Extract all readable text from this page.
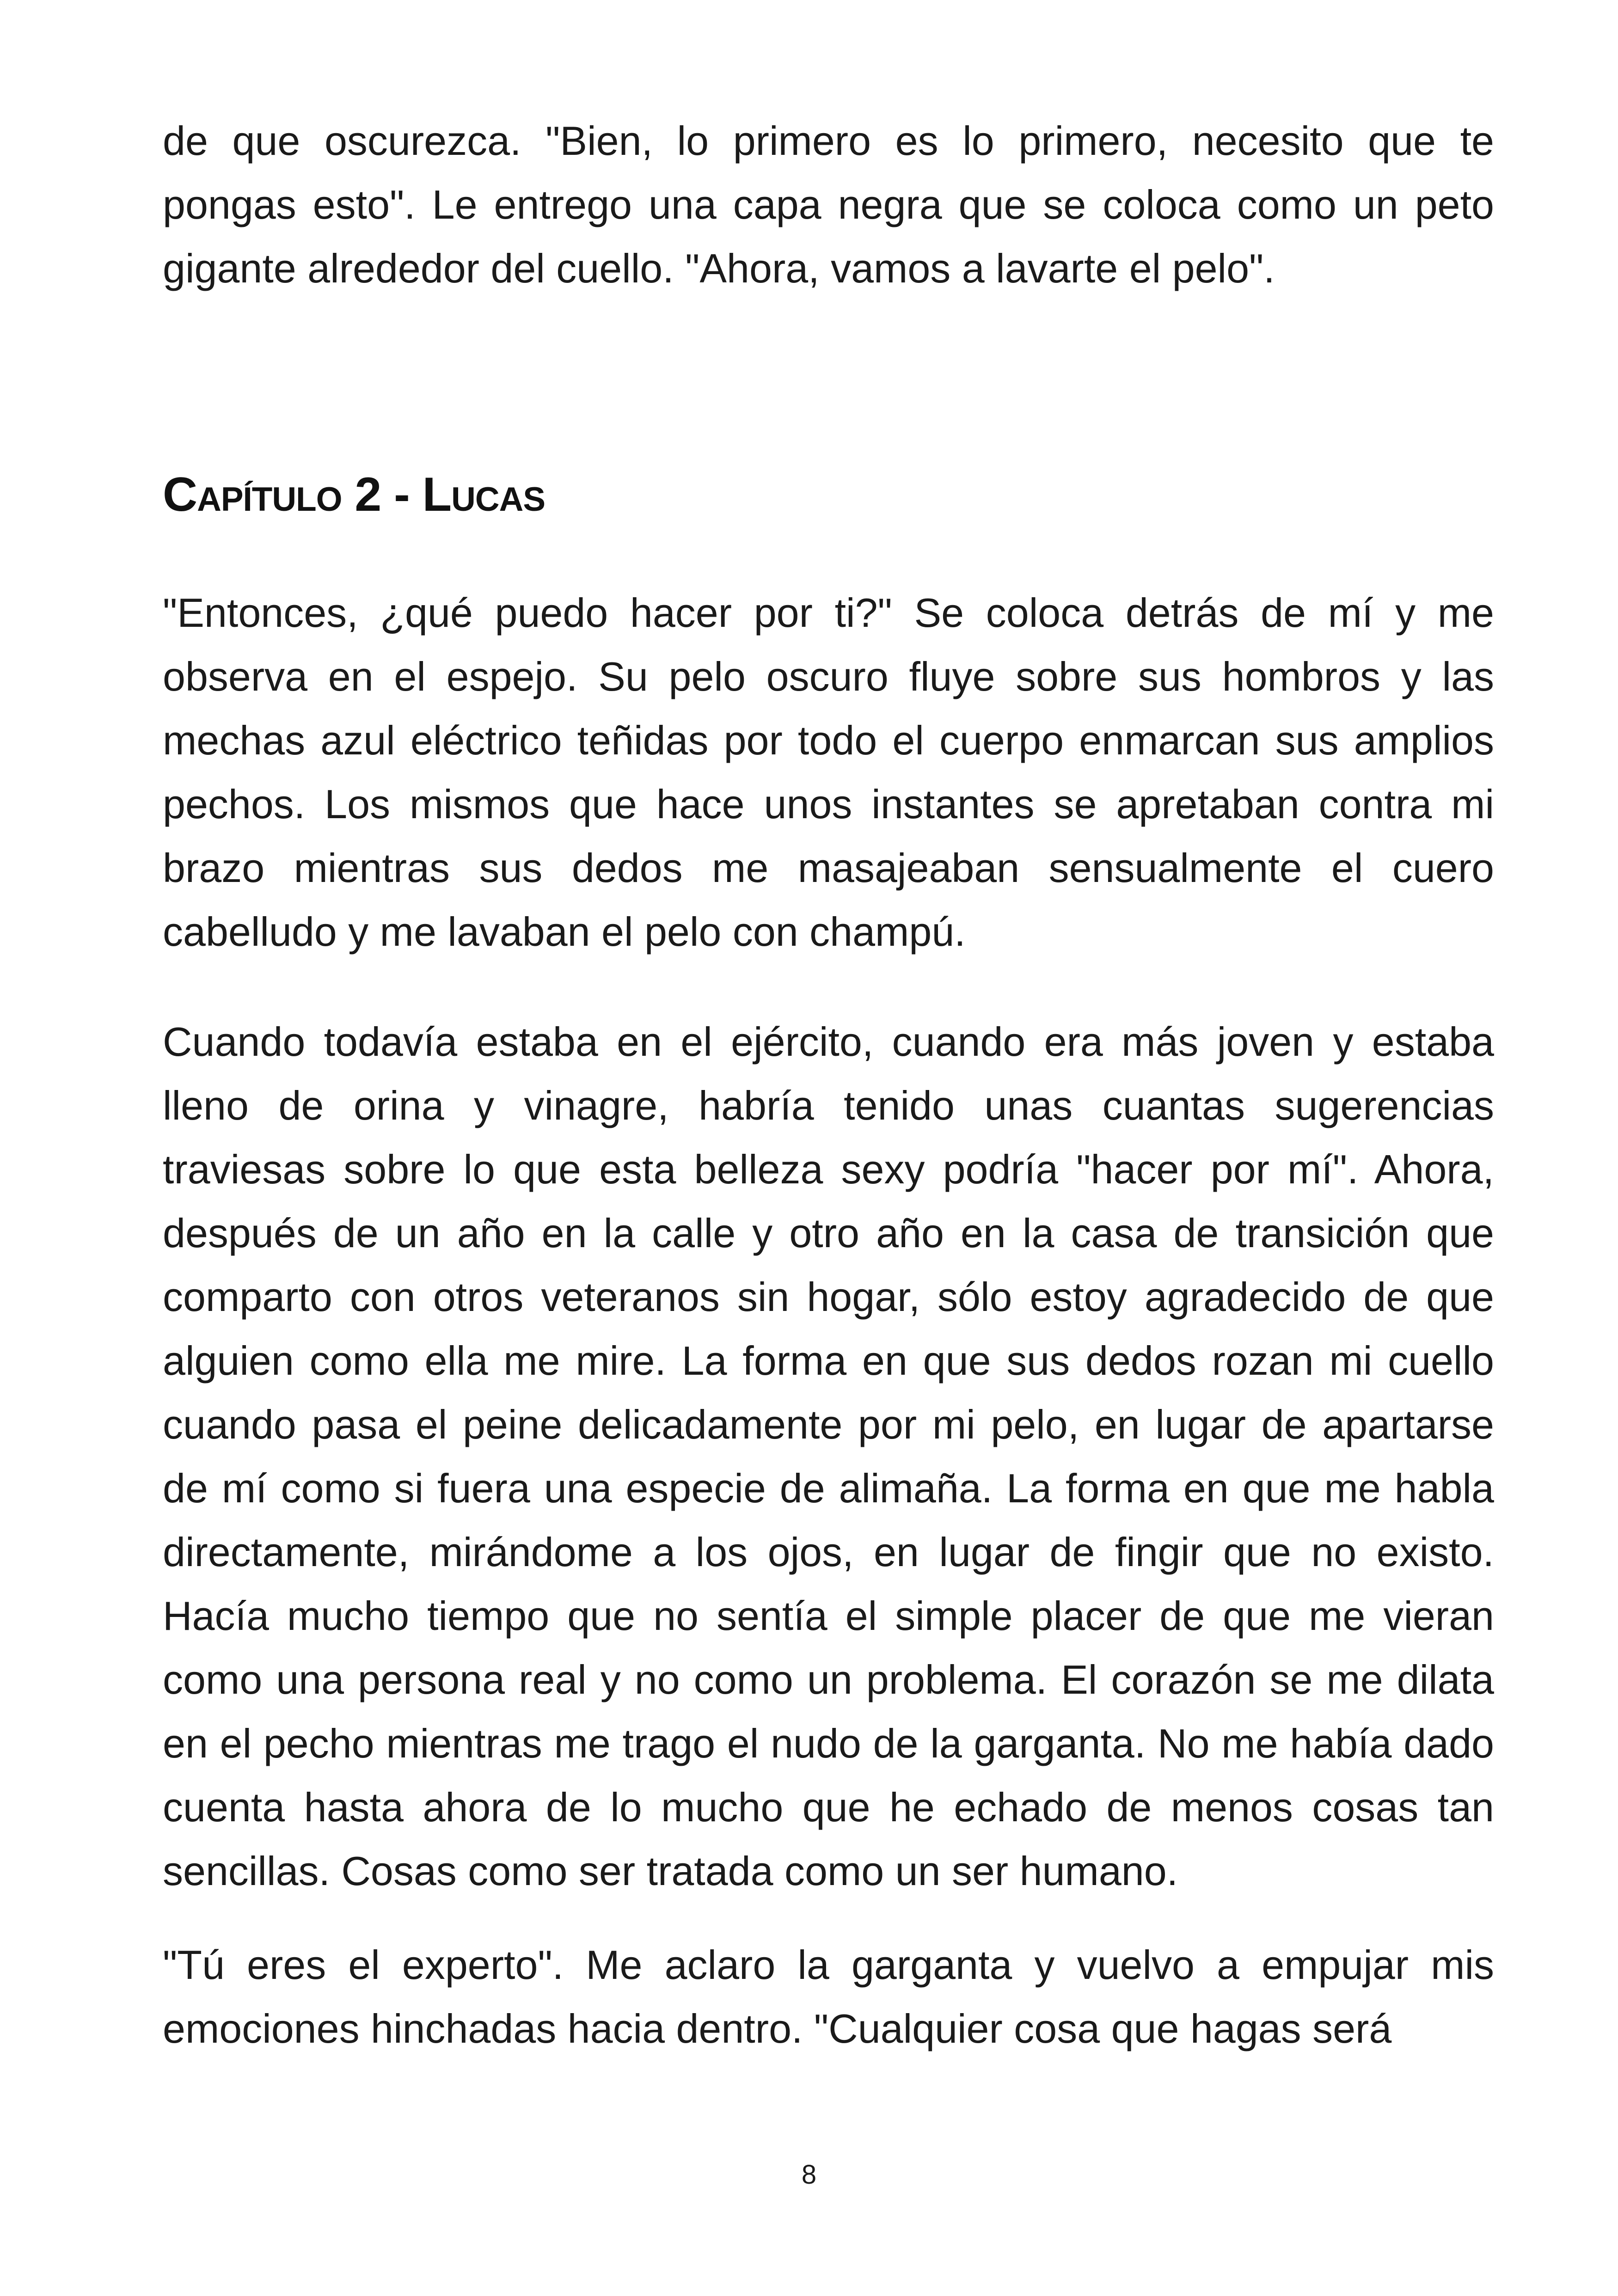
de que oscurezca. "Bien, lo primero es lo primero, necesito que te pongas esto". Le entrego una capa negra que se coloca como un peto gigante alrededor del cuello. "Ahora, vamos a lavarte el pelo".

Capítulo 2 - Lucas

"Entonces, ¿qué puedo hacer por ti?" Se coloca detrás de mí y me observa en el espejo. Su pelo oscuro fluye sobre sus hombros y las mechas azul eléctrico teñidas por todo el cuerpo enmarcan sus amplios pechos. Los mismos que hace unos instantes se apretaban contra mi brazo mientras sus dedos me masajeaban sensualmente el cuero cabelludo y me lavaban el pelo con champú.

Cuando todavía estaba en el ejército, cuando era más joven y estaba lleno de orina y vinagre, habría tenido unas cuantas sugerencias traviesas sobre lo que esta belleza sexy podría "hacer por mí". Ahora, después de un año en la calle y otro año en la casa de transición que comparto con otros veteranos sin hogar, sólo estoy agradecido de que alguien como ella me mire. La forma en que sus dedos rozan mi cuello cuando pasa el peine delicadamente por mi pelo, en lugar de apartarse de mí como si fuera una especie de alimaña. La forma en que me habla directamente, mirándome a los ojos, en lugar de fingir que no existo. Hacía mucho tiempo que no sentía el simple placer de que me vieran como una persona real y no como un problema. El corazón se me dilata en el pecho mientras me trago el nudo de la garganta. No me había dado cuenta hasta ahora de lo mucho que he echado de menos cosas tan sencillas. Cosas como ser tratada como un ser humano.

"Tú eres el experto". Me aclaro la garganta y vuelvo a empujar mis emociones hinchadas hacia dentro. "Cualquier cosa que hagas será

8
